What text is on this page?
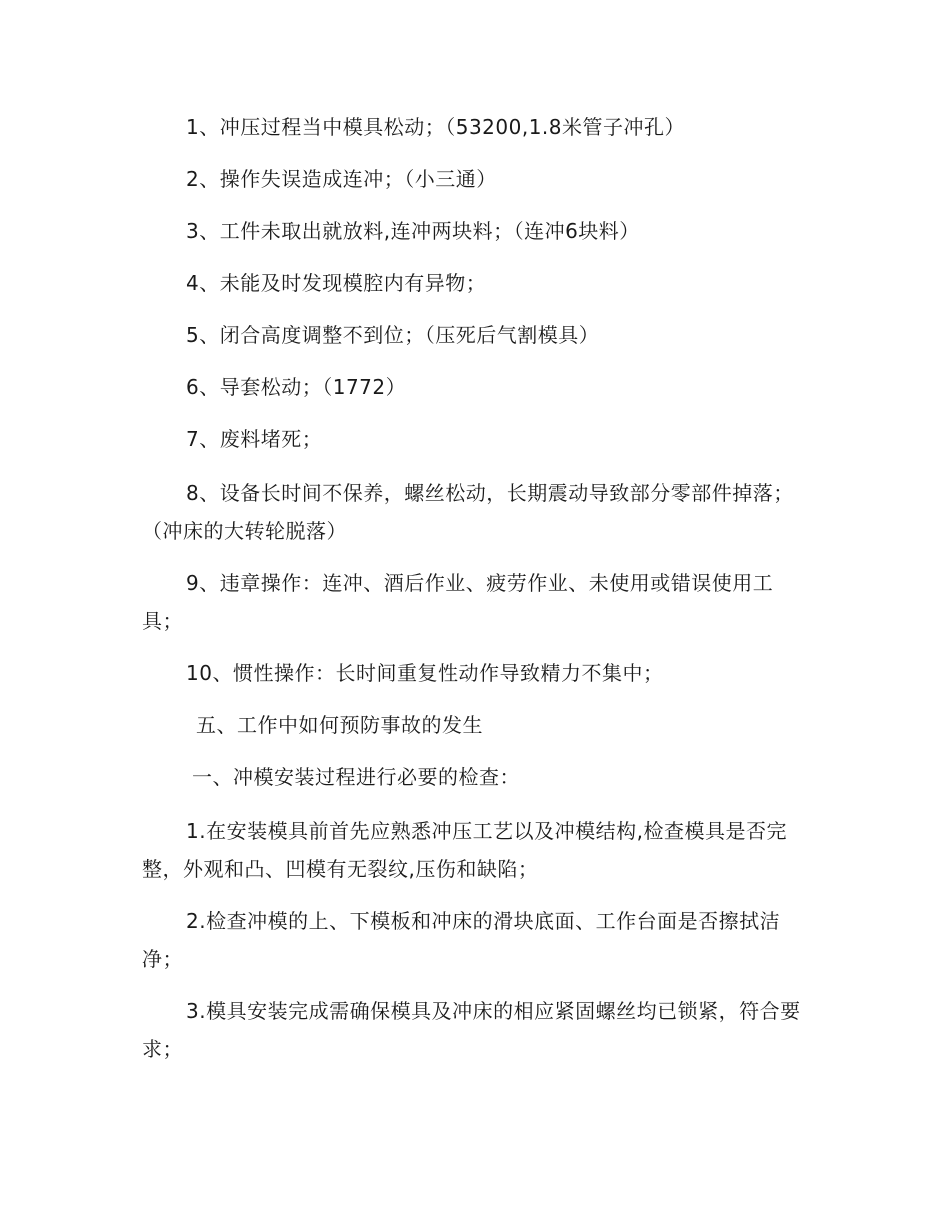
1、冲压过程当中模具松动；（53200,1.8米管子冲孔）

2、操作失误造成连冲；（小三通）

3、工件未取出就放料,连冲两块料；（连冲6块料）

4、未能及时发现模腔内有异物；

5、闭合高度调整不到位；（压死后气割模具）

6、导套松动；（1772）

7、废料堵死；

8、设备长时间不保养，螺丝松动，长期震动导致部分零部件掉落；（冲床的大转轮脱落）

9、违章操作：连冲、酒后作业、疲劳作业、未使用或错误使用工具；

10、惯性操作：长时间重复性动作导致精力不集中；

五、工作中如何预防事故的发生

一、冲模安装过程进行必要的检查：

1.在安装模具前首先应熟悉冲压工艺以及冲模结构,检查模具是否完整，外观和凸、凹模有无裂纹,压伤和缺陷；

2.检查冲模的上、下模板和冲床的滑块底面、工作台面是否擦拭洁净；

3.模具安装完成需确保模具及冲床的相应紧固螺丝均已锁紧，符合要求；
